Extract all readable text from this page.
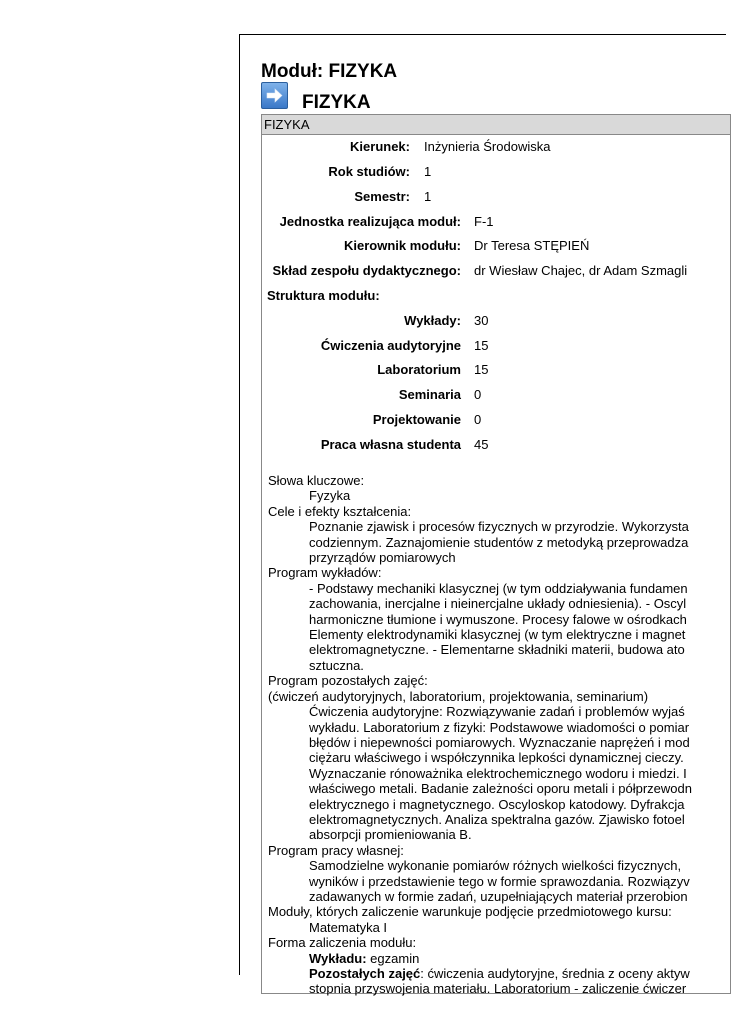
Moduł: FIZYKA
FIZYKA
FIZYKA
Kierunek: Inżynieria Środowiska
Rok studiów: 1
Semestr: 1
Jednostka realizująca moduł: F-1
Kierownik modułu: Dr Teresa STĘPIEŃ
Skład zespołu dydaktycznego: dr Wiesław Chajec, dr Adam Szmagli
Struktura modułu:
Wykłady: 30
Ćwiczenia audytoryjne 15
Laboratorium 15
Seminaria 0
Projektowanie 0
Praca własna studenta 45
Słowa kluczowe:
Fyzyka
Cele i efekty kształcenia:
Poznanie zjawisk i procesów fizycznych w przyrodzie. Wykorzysta
codziennym. Zaznajomienie studentów z metodyką przeprowadza
przyrządów pomiarowych
Program wykładów:
- Podstawy mechaniki klasycznej (w tym oddziaływania fundamen
zachowania, inercjalne i nieinercjalne układy odniesienia). - Oscyl
harmoniczne tłumione i wymuszone. Procesy falowe w ośrodkach
Elementy elektrodynamiki klasycznej (w tym elektryczne i magnet
elektromagnetyczne. - Elementarne składniki materii, budowa ato
sztuczna.
Program pozostałych zajęć:
(ćwiczeń audytoryjnych, laboratorium, projektowania, seminarium)
Ćwiczenia audytoryjne: Rozwiązywanie zadań i problemów wyjaś
wykładu. Laboratorium z fizyki: Podstawowe wiadomości o pomiar
błędów i niepewności pomiarowych. Wyznaczanie naprężeń i mod
ciężaru właściwego i współczynnika lepkości dynamicznej cieczy.
Wyznaczanie rónoważnika elektrochemicznego wodoru i miedzi. I
właściwego metali. Badanie zależności oporu metali i półprzewodn
elektrycznego i magnetycznego. Oscyloskop katodowy. Dyfrakcja
elektromagnetycznych. Analiza spektralna gazów. Zjawisko fotoel
absorpcji promieniowania B.
Program pracy własnej:
Samodzielne wykonanie pomiarów różnych wielkości fizycznych,
wyników i przedstawienie tego w formie sprawozdania. Rozwiązyv
zadawanych w formie zadań, uzupełniających materiał przerobion
Moduły, których zaliczenie warunkuje podjęcie przedmiotowego kursu:
Matematyka I
Forma zaliczenia modułu:
Wykładu: egzamin
Pozostałych zajęć: ćwiczenia audytoryjne, średnia z oceny aktyw
stopnia przyswojenia materiału. Laboratorium - zaliczenie ćwiczer
